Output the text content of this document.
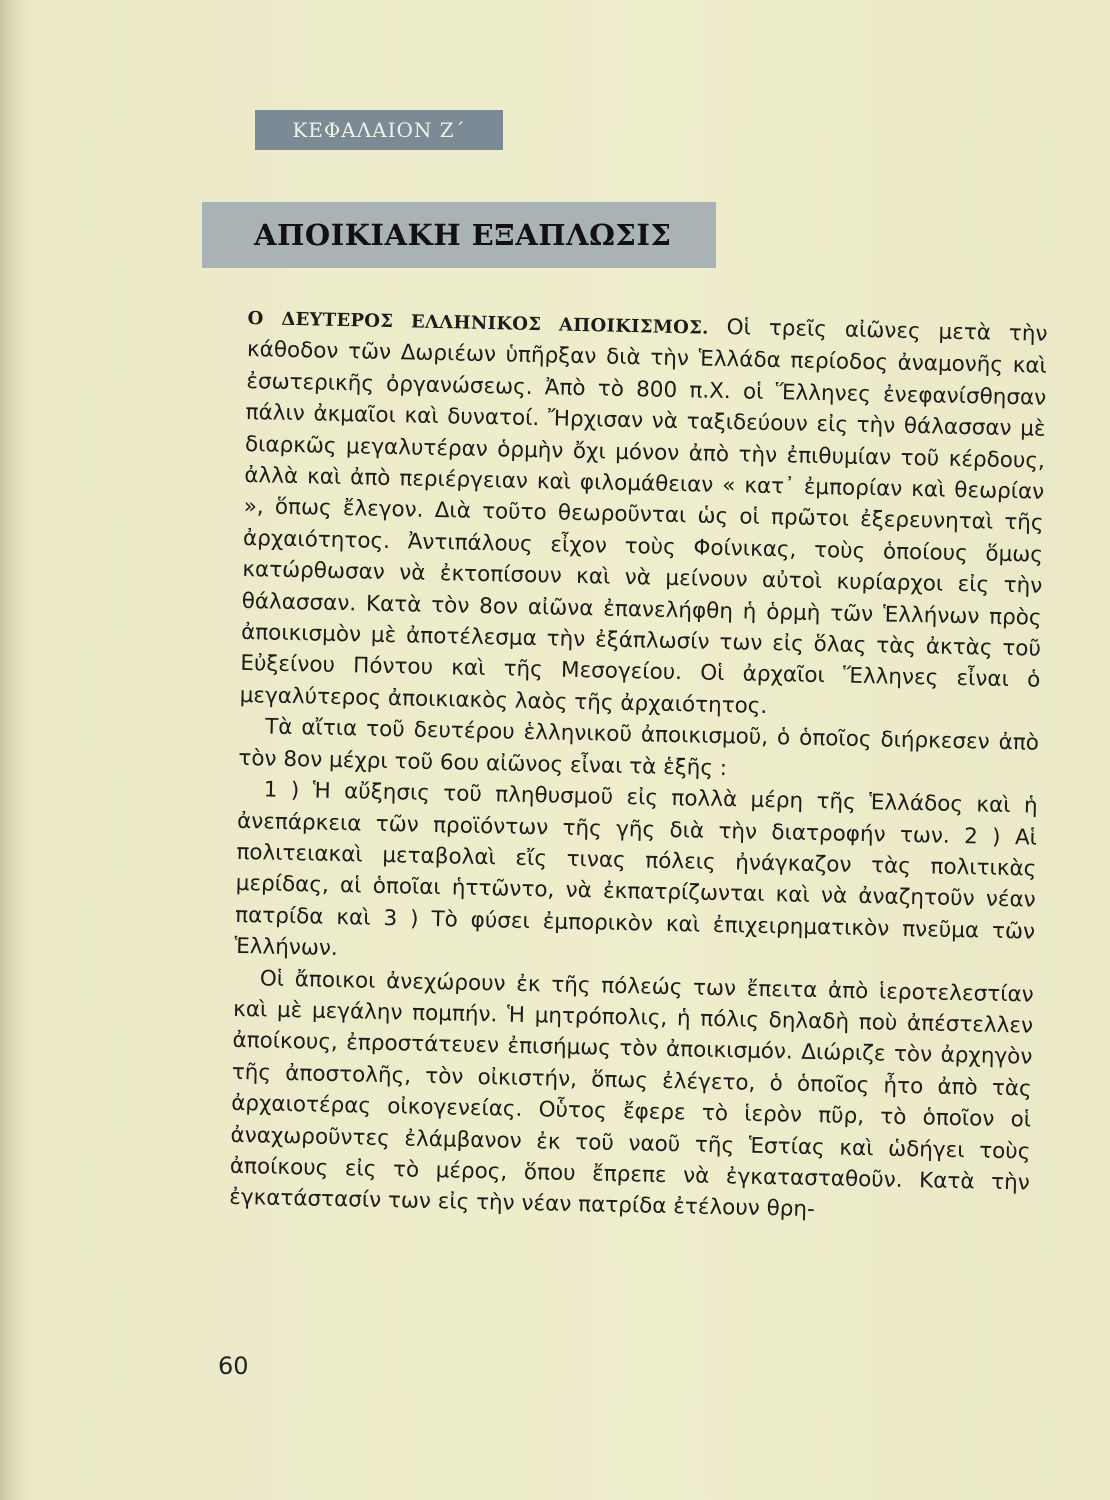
ΚΕΦΑΛΑΙΟΝ Ζ΄
ΑΠΟΙΚΙΑΚΗ ΕΞΑΠΛΩΣΙΣ

Ο ΔΕΥΤΕΡΟΣ ΕΛΛΗΝΙΚΟΣ ΑΠΟΙΚΙΣΜΟΣ. Οἱ τρεῖς αἰῶνες μετὰ τὴν κάθοδον τῶν Δωριέων ὑπῆρξαν διὰ τὴν Ἑλλάδα περίοδος ἀναμονῆς καὶ ἐσωτερικῆς ὀργανώσεως. Ἀπὸ τὸ 800 π.Χ. οἱ Ἕλληνες ἐνεφανίσθησαν πάλιν ἀκμαῖοι καὶ δυνατοί. Ἤρχισαν νὰ ταξιδεύουν εἰς τὴν θάλασσαν μὲ διαρκῶς μεγαλυτέραν ὁρμὴν ὄχι μόνον ἀπὸ τὴν ἐπιθυμίαν τοῦ κέρδους, ἀλλὰ καὶ ἀπὸ περιέργειαν καὶ φιλομάθειαν « κατ᾽ ἐμπορίαν καὶ θεωρίαν », ὅπως ἔλεγον. Διὰ τοῦτο θεωροῦνται ὡς οἱ πρῶτοι ἐξερευνηταὶ τῆς ἀρχαιότητος. Ἀντιπάλους εἶχον τοὺς Φοίνικας, τοὺς ὁποίους ὅμως κατώρθωσαν νὰ ἐκτοπίσουν καὶ νὰ μείνουν αὐτοὶ κυρίαρχοι εἰς τὴν θάλασσαν. Κατὰ τὸν 8ον αἰῶνα ἐπανελήφθη ἡ ὁρμὴ τῶν Ἑλλήνων πρὸς ἀποικισμὸν μὲ ἀποτέλεσμα τὴν ἐξάπλωσίν των εἰς ὅλας τὰς ἀκτὰς τοῦ Εὐξείνου Πόντου καὶ τῆς Μεσογείου. Οἱ ἀρχαῖοι Ἕλληνες εἶναι ὁ μεγαλύτερος ἀποικιακὸς λαὸς τῆς ἀρχαιότητος.

Τὰ αἴτια τοῦ δευτέρου ἑλληνικοῦ ἀποικισμοῦ, ὁ ὁποῖος διήρκεσεν ἀπὸ τὸν 8ον μέχρι τοῦ 6ου αἰῶνος εἶναι τὰ ἑξῆς :

1 ) Ἡ αὔξησις τοῦ πληθυσμοῦ εἰς πολλὰ μέρη τῆς Ἑλλάδος καὶ ἡ ἀνεπάρκεια τῶν προϊόντων τῆς γῆς διὰ τὴν διατροφήν των. 2 ) Αἱ πολιτειακαὶ μεταβολαὶ εἴς τινας πόλεις ἠνάγκαζον τὰς πολιτικὰς μερίδας, αἱ ὁποῖαι ἡττῶντο, νὰ ἐκπατρίζωνται καὶ νὰ ἀναζητοῦν νέαν πατρίδα καὶ 3 ) Τὸ φύσει ἐμπορικὸν καὶ ἐπιχειρηματικὸν πνεῦμα τῶν Ἑλλήνων.

Οἱ ἄποικοι ἀνεχώρουν ἐκ τῆς πόλεώς των ἔπειτα ἀπὸ ἱεροτελεστίαν καὶ μὲ μεγάλην πομπήν. Ἡ μητρόπολις, ἡ πόλις δηλαδὴ ποὺ ἀπέστελλεν ἀποίκους, ἐπροστάτευεν ἐπισήμως τὸν ἀποικισμόν. Διώριζε τὸν ἀρχηγὸν τῆς ἀποστολῆς, τὸν οἰκιστήν, ὅπως ἐλέγετο, ὁ ὁποῖος ἦτο ἀπὸ τὰς ἀρχαιοτέρας οἰκογενείας. Οὗτος ἔφερε τὸ ἱερὸν πῦρ, τὸ ὁποῖον οἱ ἀναχωροῦντες ἐλάμβανον ἐκ τοῦ ναοῦ τῆς Ἑστίας καὶ ὡδήγει τοὺς ἀποίκους εἰς τὸ μέρος, ὅπου ἔπρεπε νὰ ἐγκατασταθοῦν. Κατὰ τὴν ἐγκατάστασίν των εἰς τὴν νέαν πατρίδα ἐτέλουν θρη-

60
